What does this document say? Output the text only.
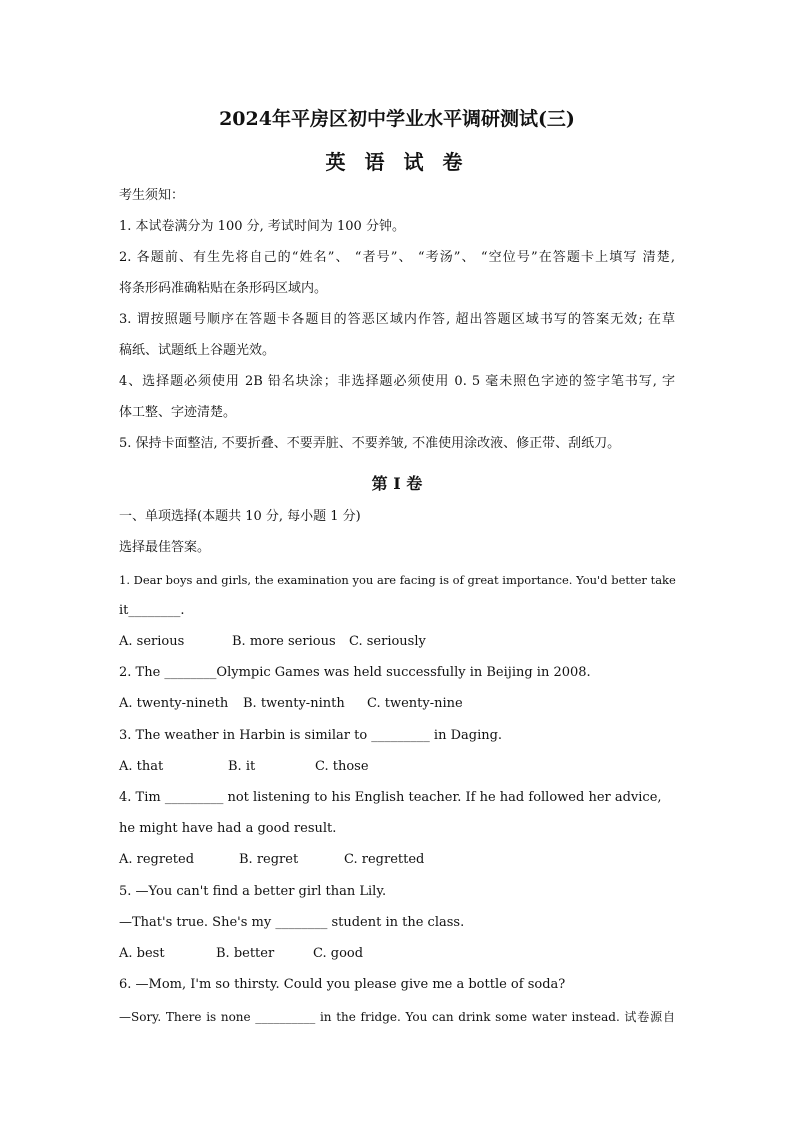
2024年平房区初中学业水平调研测试(三)
英 语 试 卷
考生须知：
1. 本试卷满分为 100 分, 考试时间为 100 分钟。
2. 各题前、有生先将自己的“姓名”、 “者号”、 “考汤”、 “空位号”在答题卡上填写 清楚,
将条形码准确粘贴在条形码区域内。
3. 谓按照题号顺序在答题卡各题目的答恶区域内作答, 超出答题区域书写的答案无效; 在草
稿纸、试题纸上谷题光效。
4、选择题必须使用 2B 铅名块涂；非选择题必须使用 0. 5 毫未照色字迹的签字笔书写, 字
体工整、字迹清楚。
5. 保持卡面整洁, 不要折叠、不要弄脏、不要养皱, 不准使用涂改液、修正带、刮纸刀。
第 I 卷
一、单项选择(本题共 10 分, 每小题 1 分)
选择最佳答案。
1. Dear boys and girls, the examination you are facing is of great importance. You'd better take
it________.
A. serious	B. more serious C. seriously
2. The ________Olympic Games was held successfully in Beijing in 2008.
A. twenty-nineth B. twenty-ninth C. twenty-nine
3. The weather in Harbin is similar to _________ in Daging.
A. that	B. it	C. those
4. Tim _________ not listening to his English teacher. If he had followed her advice,
he might have had a good result.
A. regreted	B. regret	C. regretted
5. —You can't find a better girl than Lily.
—That's true. She's my ________ student in the class.
A. best	B. better	C. good
6. —Mom, I'm so thirsty. Could you please give me a bottle of soda?
—Sory. There is none __________ in the fridge. You can drink some water instead. 试卷源自
